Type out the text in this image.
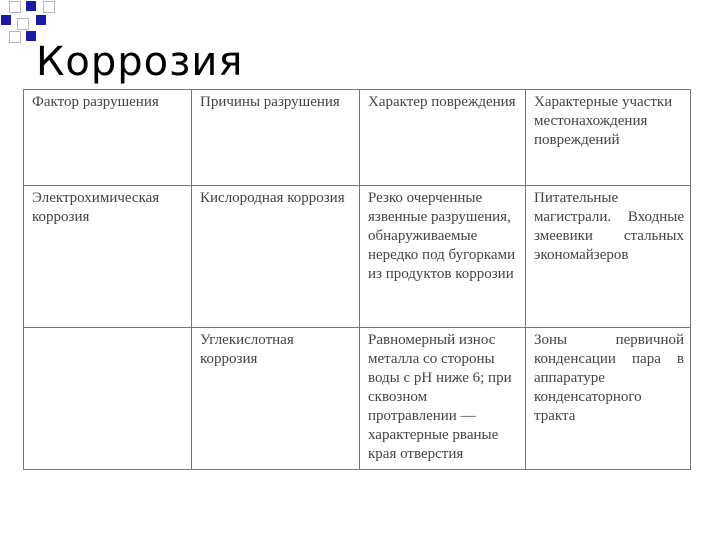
Коррозия
Фактор разрушения	Причины разрушения	Характер повреждения	Характерные участки местонахождения повреждений
Электрохимическая коррозия	Кислородная коррозия	Резко очерченные язвенные разрушения, обнаруживаемые нередко под бугорками из продуктов коррозии	Питательные магистрали. Входные змеевики стальных экономайзеров
	Углекислотная коррозия	Равномерный износ металла со стороны воды с рН ниже 6; при сквозном протравлении — характерные рваные края отверстия	Зоны первичной конденсации пара в аппаратуре конденсаторного тракта
